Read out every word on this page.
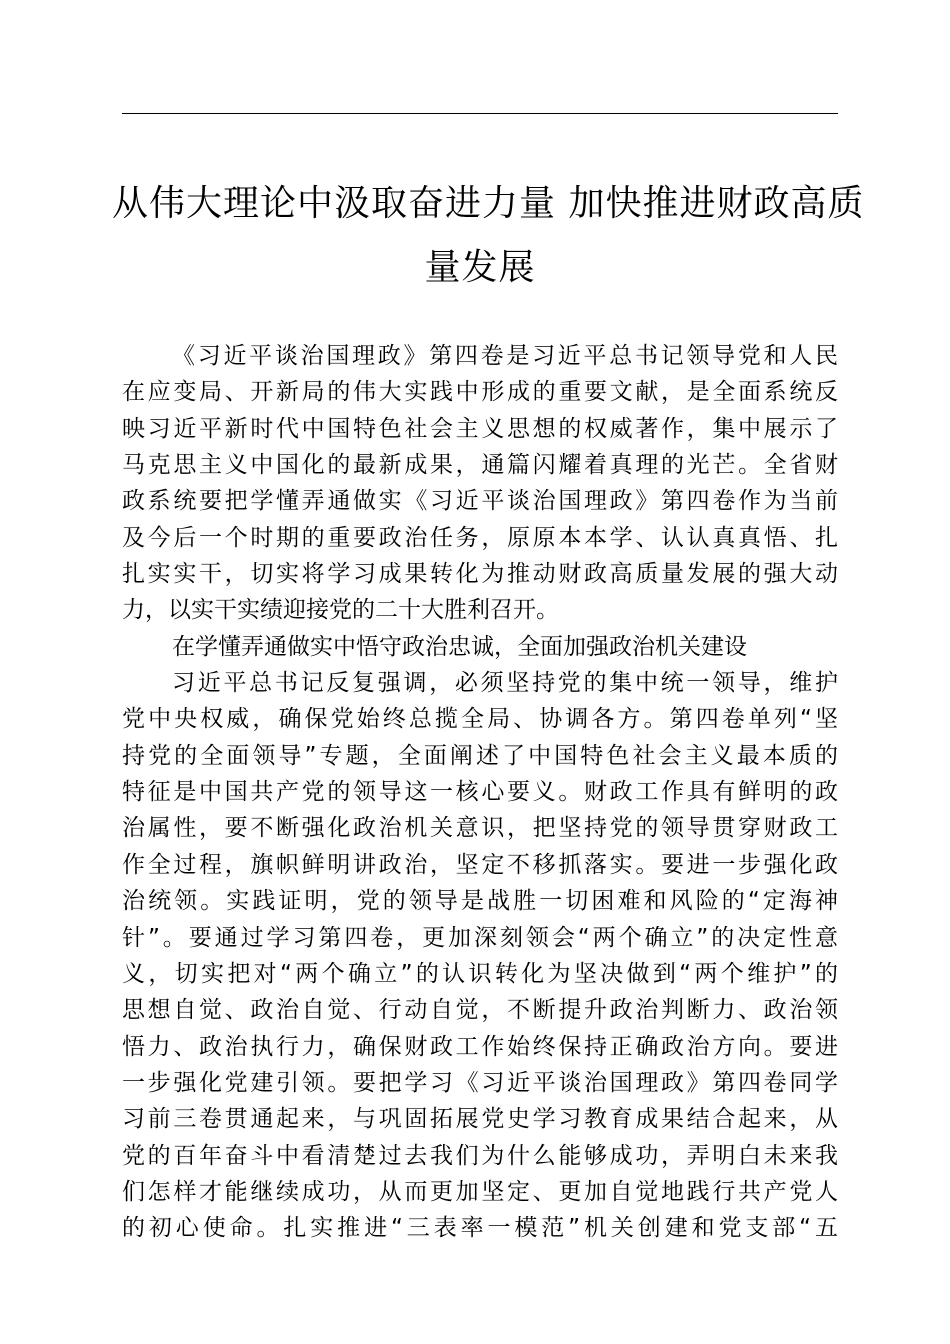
从伟大理论中汲取奋进力量 加快推进财政高质
量发展
《习近平谈治国理政》第四卷是习近平总书记领导党和人民
在应变局、开新局的伟大实践中形成的重要文献，是全面系统反
映习近平新时代中国特色社会主义思想的权威著作，集中展示了
马克思主义中国化的最新成果，通篇闪耀着真理的光芒。全省财
政系统要把学懂弄通做实《习近平谈治国理政》第四卷作为当前
及今后一个时期的重要政治任务，原原本本学、认认真真悟、扎
扎实实干，切实将学习成果转化为推动财政高质量发展的强大动
力，以实干实绩迎接党的二十大胜利召开。
在学懂弄通做实中悟守政治忠诚，全面加强政治机关建设
习近平总书记反复强调，必须坚持党的集中统一领导，维护
党中央权威，确保党始终总揽全局、协调各方。第四卷单列“坚
持党的全面领导”专题，全面阐述了中国特色社会主义最本质的
特征是中国共产党的领导这一核心要义。财政工作具有鲜明的政
治属性，要不断强化政治机关意识，把坚持党的领导贯穿财政工
作全过程，旗帜鲜明讲政治，坚定不移抓落实。要进一步强化政
治统领。实践证明，党的领导是战胜一切困难和风险的“定海神
针”。要通过学习第四卷，更加深刻领会“两个确立”的决定性意
义，切实把对“两个确立”的认识转化为坚决做到“两个维护”的
思想自觉、政治自觉、行动自觉，不断提升政治判断力、政治领
悟力、政治执行力，确保财政工作始终保持正确政治方向。要进
一步强化党建引领。要把学习《习近平谈治国理政》第四卷同学
习前三卷贯通起来，与巩固拓展党史学习教育成果结合起来，从
党的百年奋斗中看清楚过去我们为什么能够成功，弄明白未来我
们怎样才能继续成功，从而更加坚定、更加自觉地践行共产党人
的初心使命。扎实推进“三表率一模范”机关创建和党支部“五
